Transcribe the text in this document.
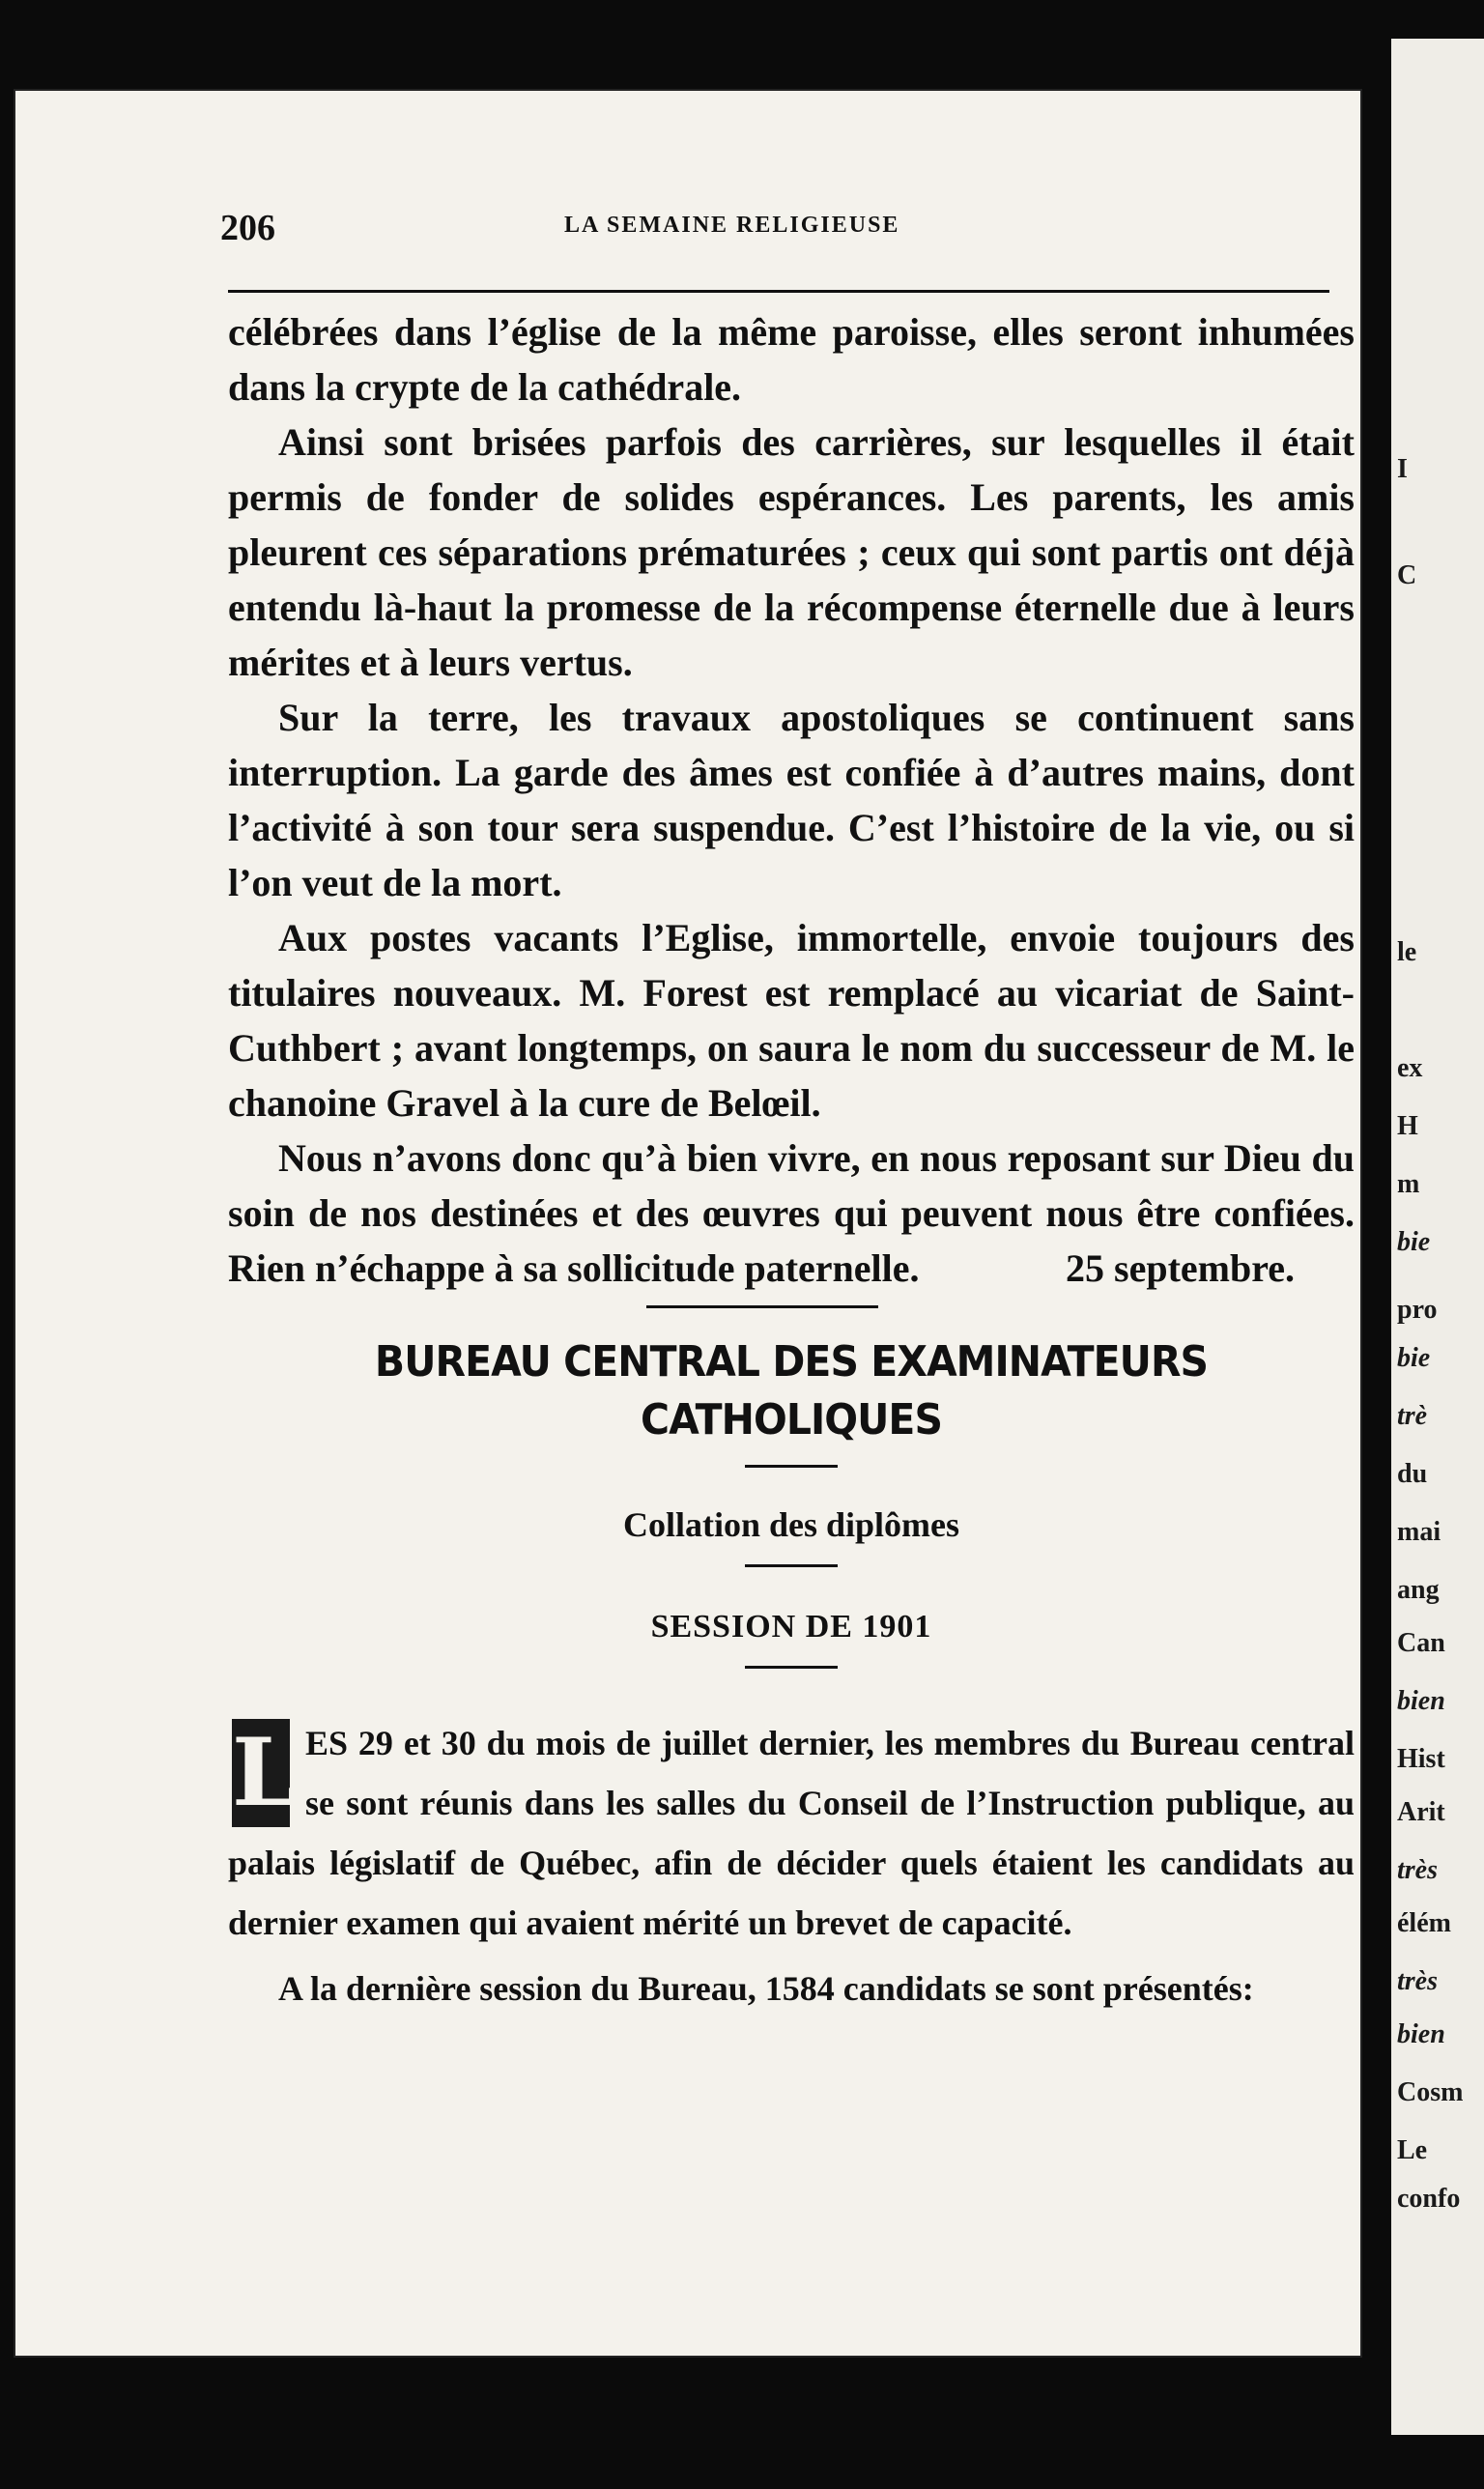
I
C
le
ex
H
m
bie
pro
bie
trè
du
mai
ang
Can
bien
Hist
Arit
très
élém
très
bien
Cosm
Le
confo
206	LA SEMAINE RELIGIEUSE

célébrées dans l’église de la même paroisse, elles seront inhumées dans la crypte de la cathédrale.

Ainsi sont brisées parfois des carrières, sur lesquelles il était permis de fonder de solides espérances. Les parents, les amis pleurent ces séparations prématurées ; ceux qui sont partis ont déjà entendu là-haut la promesse de la récompense éternelle due à leurs mérites et à leurs vertus.

Sur la terre, les travaux apostoliques se continuent sans interruption. La garde des âmes est confiée à d’autres mains, dont l’activité à son tour sera suspendue. C’est l’histoire de la vie, ou si l’on veut de la mort.

Aux postes vacants l’Eglise, immortelle, envoie toujours des titulaires nouveaux. M. Forest est remplacé au vicariat de Saint-Cuthbert ; avant longtemps, on saura le nom du successeur de M. le chanoine Gravel à la cure de Belœil.

Nous n’avons donc qu’à bien vivre, en nous reposant sur Dieu du soin de nos destinées et des œuvres qui peuvent nous être confiées. Rien n’échappe à sa sollicitude paternelle.	25 septembre.

BUREAU CENTRAL DES EXAMINATEURS CATHOLIQUES
Collation des diplômes
SESSION DE 1901
L ES 29 et 30 du mois de juillet dernier, les membres du Bureau central se sont réunis dans les salles du Conseil de l’Instruction publique, au palais législatif de Québec, afin de décider quels étaient les candidats au dernier examen qui avaient mérité un brevet de capacité.

A la dernière session du Bureau, 1584 candidats se sont présentés:
